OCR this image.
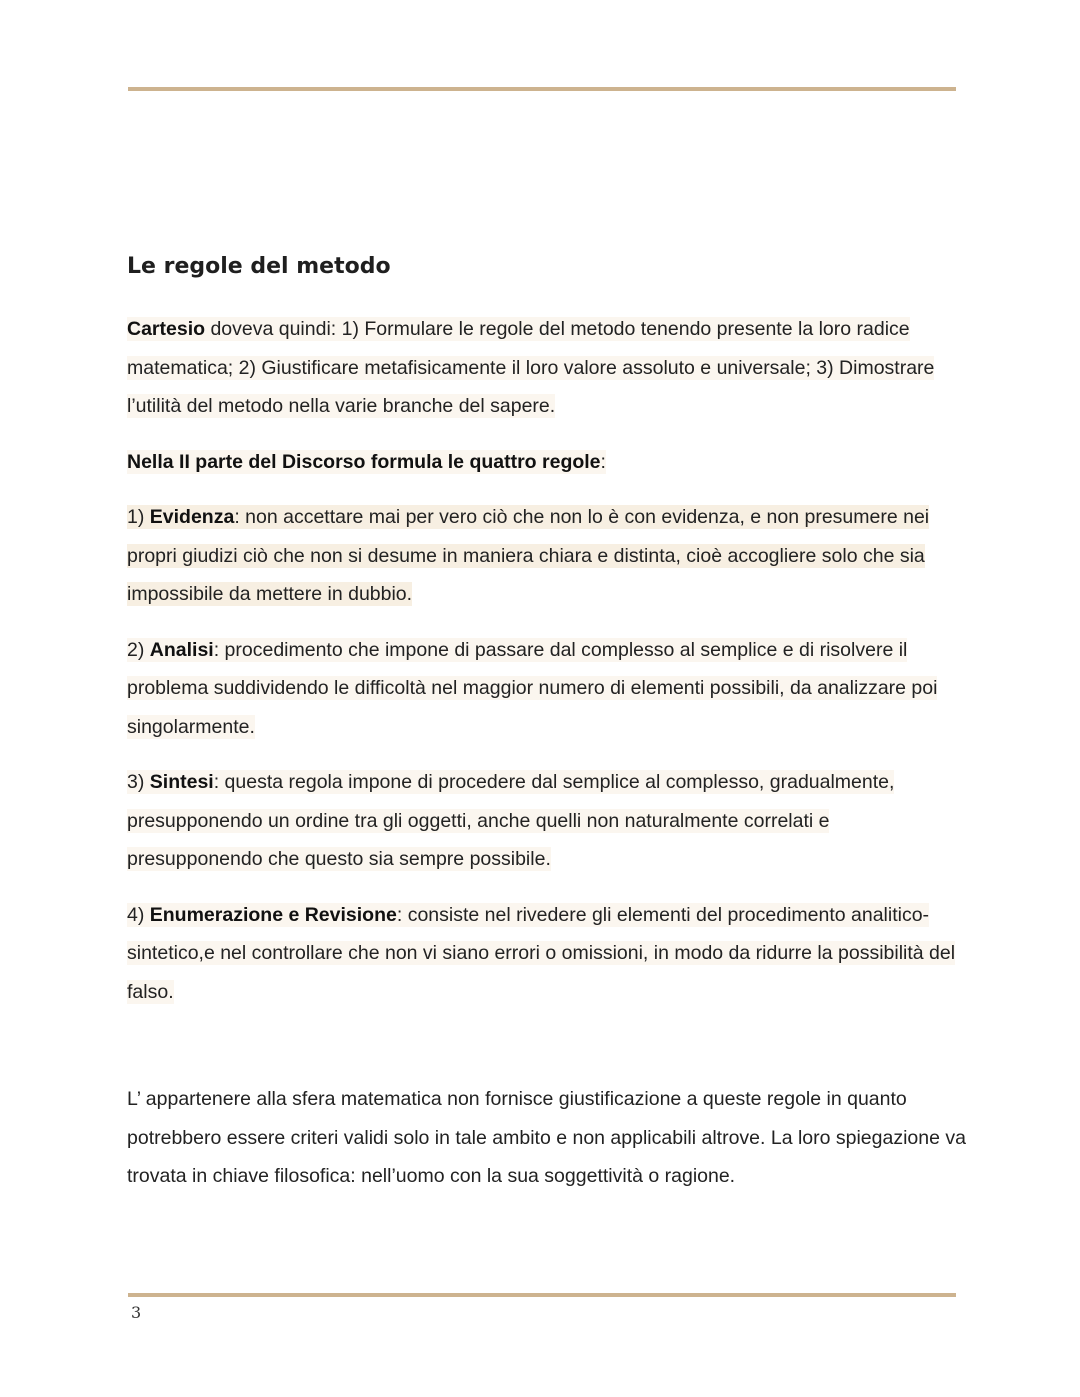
Le regole del metodo

Cartesio doveva quindi: 1) Formulare le regole del metodo tenendo presente la loro radice matematica; 2) Giustificare metafisicamente il loro valore assoluto e universale; 3) Dimostrare l’utilità del metodo nella varie branche del sapere.

Nella II parte del Discorso formula le quattro regole:

1) Evidenza: non accettare mai per vero ciò che non lo è con evidenza, e non presumere nei propri giudizi ciò che non si desume in maniera chiara e distinta, cioè accogliere solo che sia impossibile da mettere in dubbio.

2) Analisi: procedimento che impone di passare dal complesso al semplice e di risolvere il problema suddividendo le difficoltà nel maggior numero di elementi possibili, da analizzare poi singolarmente.

3) Sintesi: questa regola impone di procedere dal semplice al complesso, gradualmente, presupponendo un ordine tra gli oggetti, anche quelli non naturalmente correlati e presupponendo che questo sia sempre possibile.

4) Enumerazione e Revisione: consiste nel rivedere gli elementi del procedimento analitico-sintetico,e nel controllare che non vi siano errori o omissioni, in modo da ridurre la possibilità del falso.

L’ appartenere alla sfera matematica non fornisce giustificazione a queste regole in quanto potrebbero essere criteri validi solo in tale ambito e non applicabili altrove. La loro spiegazione va trovata in chiave filosofica: nell’uomo con la sua soggettività o ragione.

3
